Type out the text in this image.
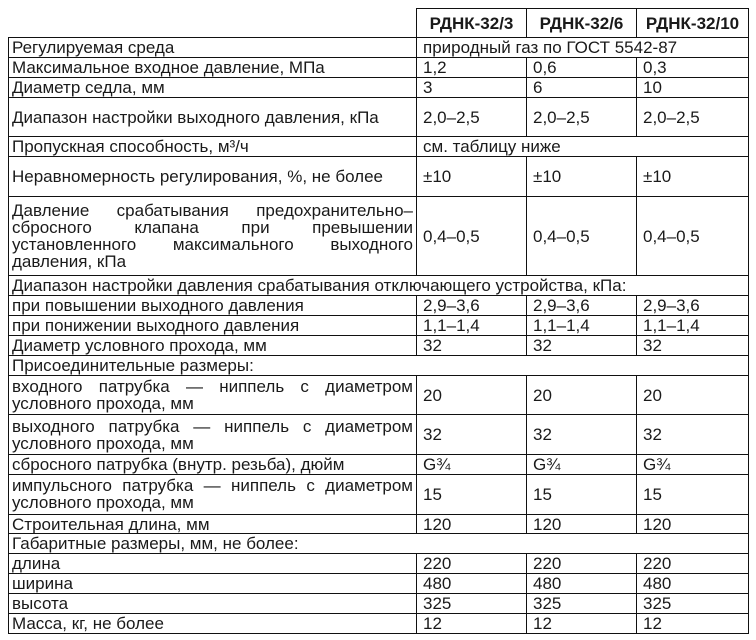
	РДНК-32/3	РДНК-32/6	РДНК-32/10
Регулируемая среда	природный газ по ГОСТ 5542-87		
Максимальное входное давление, МПа	1,2	0,6	0,3
Диаметр седла, мм	3	6	10
Диапазон настройки выходного давления, кПа	2,0–2,5	2,0–2,5	2,0–2,5
Пропускная способность, м³/ч	см. таблицу ниже		
Неравномерность регулирования, %, не более	±10	±10	±10
Давление срабатывания предохранительно–сбросного клапана при превышении установленного максимального выходного давления, кПа	0,4–0,5	0,4–0,5	0,4–0,5
Диапазон настройки давления срабатывания отключающего устройства, кПа:			
при повышении выходного давления	2,9–3,6	2,9–3,6	2,9–3,6
при понижении выходного давления	1,1–1,4	1,1–1,4	1,1–1,4
Диаметр условного прохода, мм	32	32	32
Присоединительные размеры:			
входного патрубка — ниппель с диаметром условного прохода, мм	20	20	20
выходного патрубка — ниппель с диаметром условного прохода, мм	32	32	32
сбросного патрубка (внутр. резьба), дюйм	G¾	G¾	G¾
импульсного патрубка — ниппель с диаметром условного прохода, мм	15	15	15
Строительная длина, мм	120	120	120
Габаритные размеры, мм, не более:			
длина	220	220	220
ширина	480	480	480
высота	325	325	325
Масса, кг, не более	12	12	12
